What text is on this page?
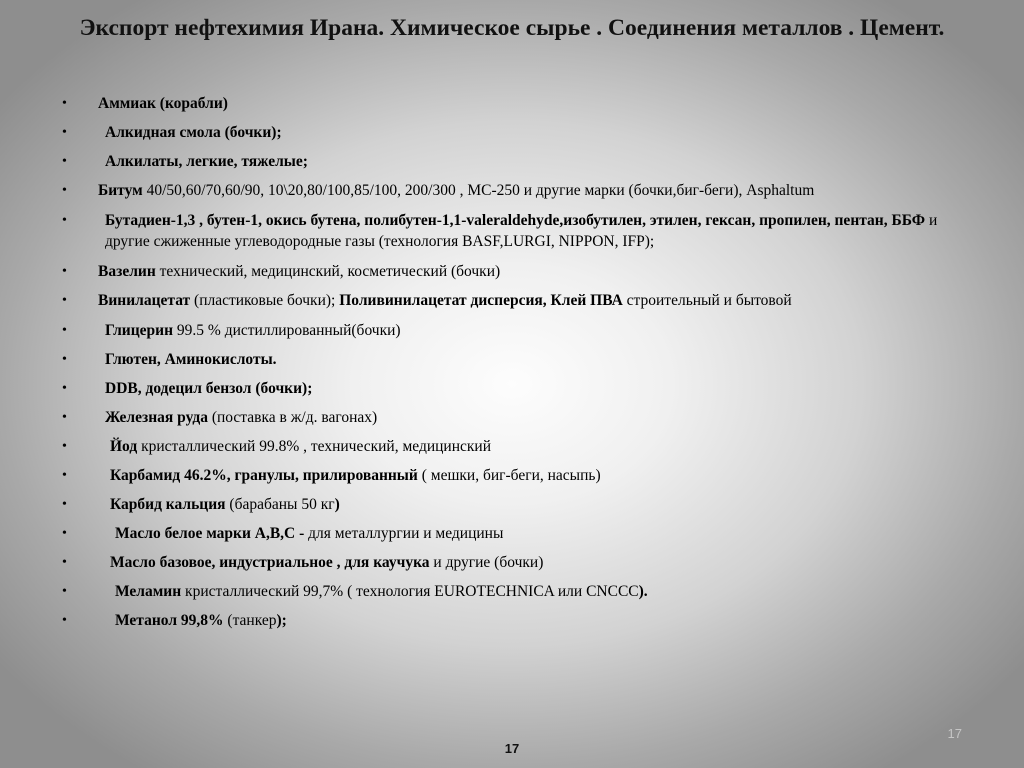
Экспорт нефтехимия Ирана. Химическое сырье . Соединения металлов . Цемент.
•	Аммиак (корабли)
•	Алкидная смола (бочки);
•	Алкилаты, легкие, тяжелые;
•	Битум 40/50,60/70,60/90, 10\20,80/100,85/100, 200/300 , МС-250 и другие марки (бочки,биг-беги), Asphaltum
•	Бутадиен-1,3 , бутен-1, окись бутена, полибутен-1,1-valeraldehyde,изобутилен, этилен, гексан, пропилен, пентан, ББФ и другие сжиженные углеводородные газы (технология BASF,LURGI, NIPPON, IFP);
•	Вазелин технический, медицинский, косметический (бочки)
•	Винилацетат (пластиковые бочки); Поливинилацетат дисперсия, Клей ПВА строительный и бытовой
•	Глицерин 99.5 % дистиллированный(бочки)
•	Глютен, Аминокислоты.
•	DDB, додецил бензол (бочки);
•	Железная руда (поставка в ж/д. вагонах)
•	Йод кристаллический 99.8% , технический, медицинский
•	Карбамид 46.2%, гранулы, прилированный ( мешки, биг-беги, насыпь)
•	Карбид кальция (барабаны 50 кг)
•	Масло белое марки А,В,С - для металлургии и медицины
•	Масло базовое, индустриальное , для каучука и другие (бочки)
•	Меламин кристаллический 99,7% ( технология EUROTECHNICA или CNCCC).
•	Метанол 99,8% (танкер);
17
17
